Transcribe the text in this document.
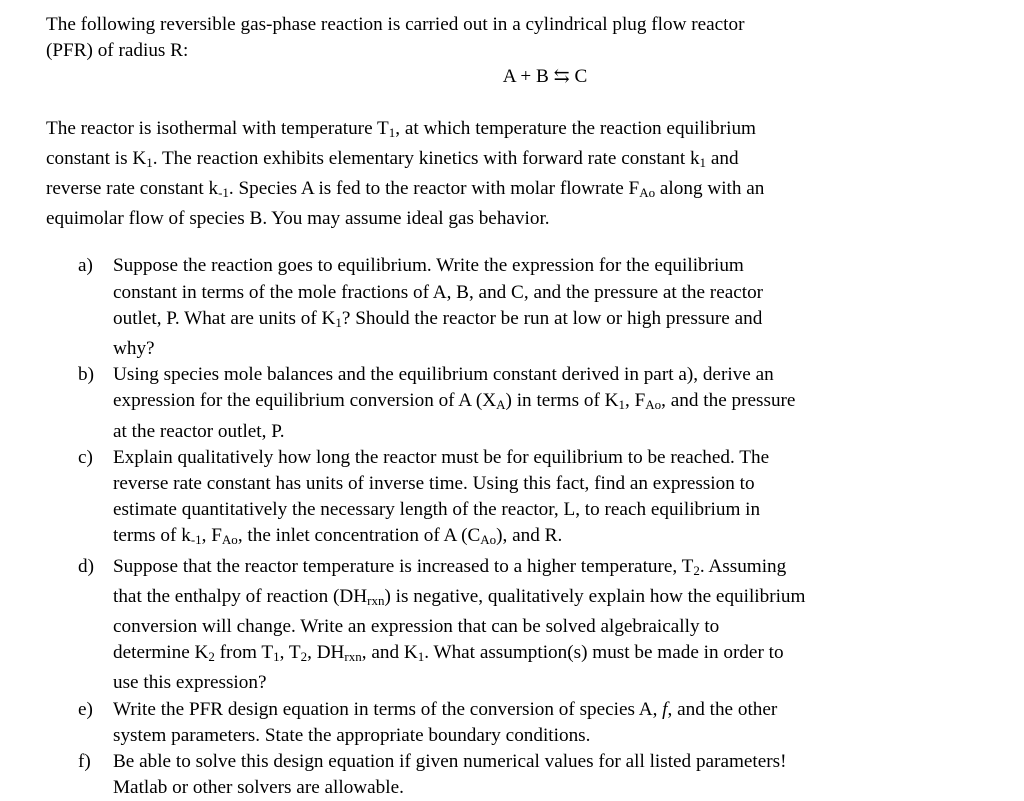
The following reversible gas-phase reaction is carried out in a cylindrical plug flow reactor
(PFR) of radius R:

A + B ⇆ C

The reactor is isothermal with temperature $T_1$, at which temperature the reaction equilibrium
constant is $K_1$. The reaction exhibits elementary kinetics with forward rate constant $k_1$ and
reverse rate constant $k_{-1}$. Species A is fed to the reactor with molar flowrate $F_{Ao}$ along with an
equimolar flow of species B. You may assume ideal gas behavior.

a) Suppose the reaction goes to equilibrium. Write the expression for the equilibrium
constant in terms of the mole fractions of A, B, and C, and the pressure at the reactor
outlet, P. What are units of $K_1$? Should the reactor be run at low or high pressure and
why?
b) Using species mole balances and the equilibrium constant derived in part a), derive an
expression for the equilibrium conversion of A $(X_A)$ in terms of $K_1$, $F_{Ao}$, and the pressure
at the reactor outlet, P.
c) Explain qualitatively how long the reactor must be for equilibrium to be reached. The
reverse rate constant has units of inverse time. Using this fact, find an expression to
estimate quantitatively the necessary length of the reactor, L, to reach equilibrium in
terms of $k_{-1}$, $F_{Ao}$, the inlet concentration of A $(C_{Ao})$, and R.
d) Suppose that the reactor temperature is increased to a higher temperature, $T_2$. Assuming
that the enthalpy of reaction $(DH_{rxn})$ is negative, qualitatively explain how the equilibrium
conversion will change. Write an expression that can be solved algebraically to
determine $K_2$ from $T_1$, $T_2$, $DH_{rxn}$, and $K_1$. What assumption(s) must be made in order to
use this expression?
e) Write the PFR design equation in terms of the conversion of species A, f, and the other
system parameters. State the appropriate boundary conditions.
f) Be able to solve this design equation if given numerical values for all listed parameters!
Matlab or other solvers are allowable.
